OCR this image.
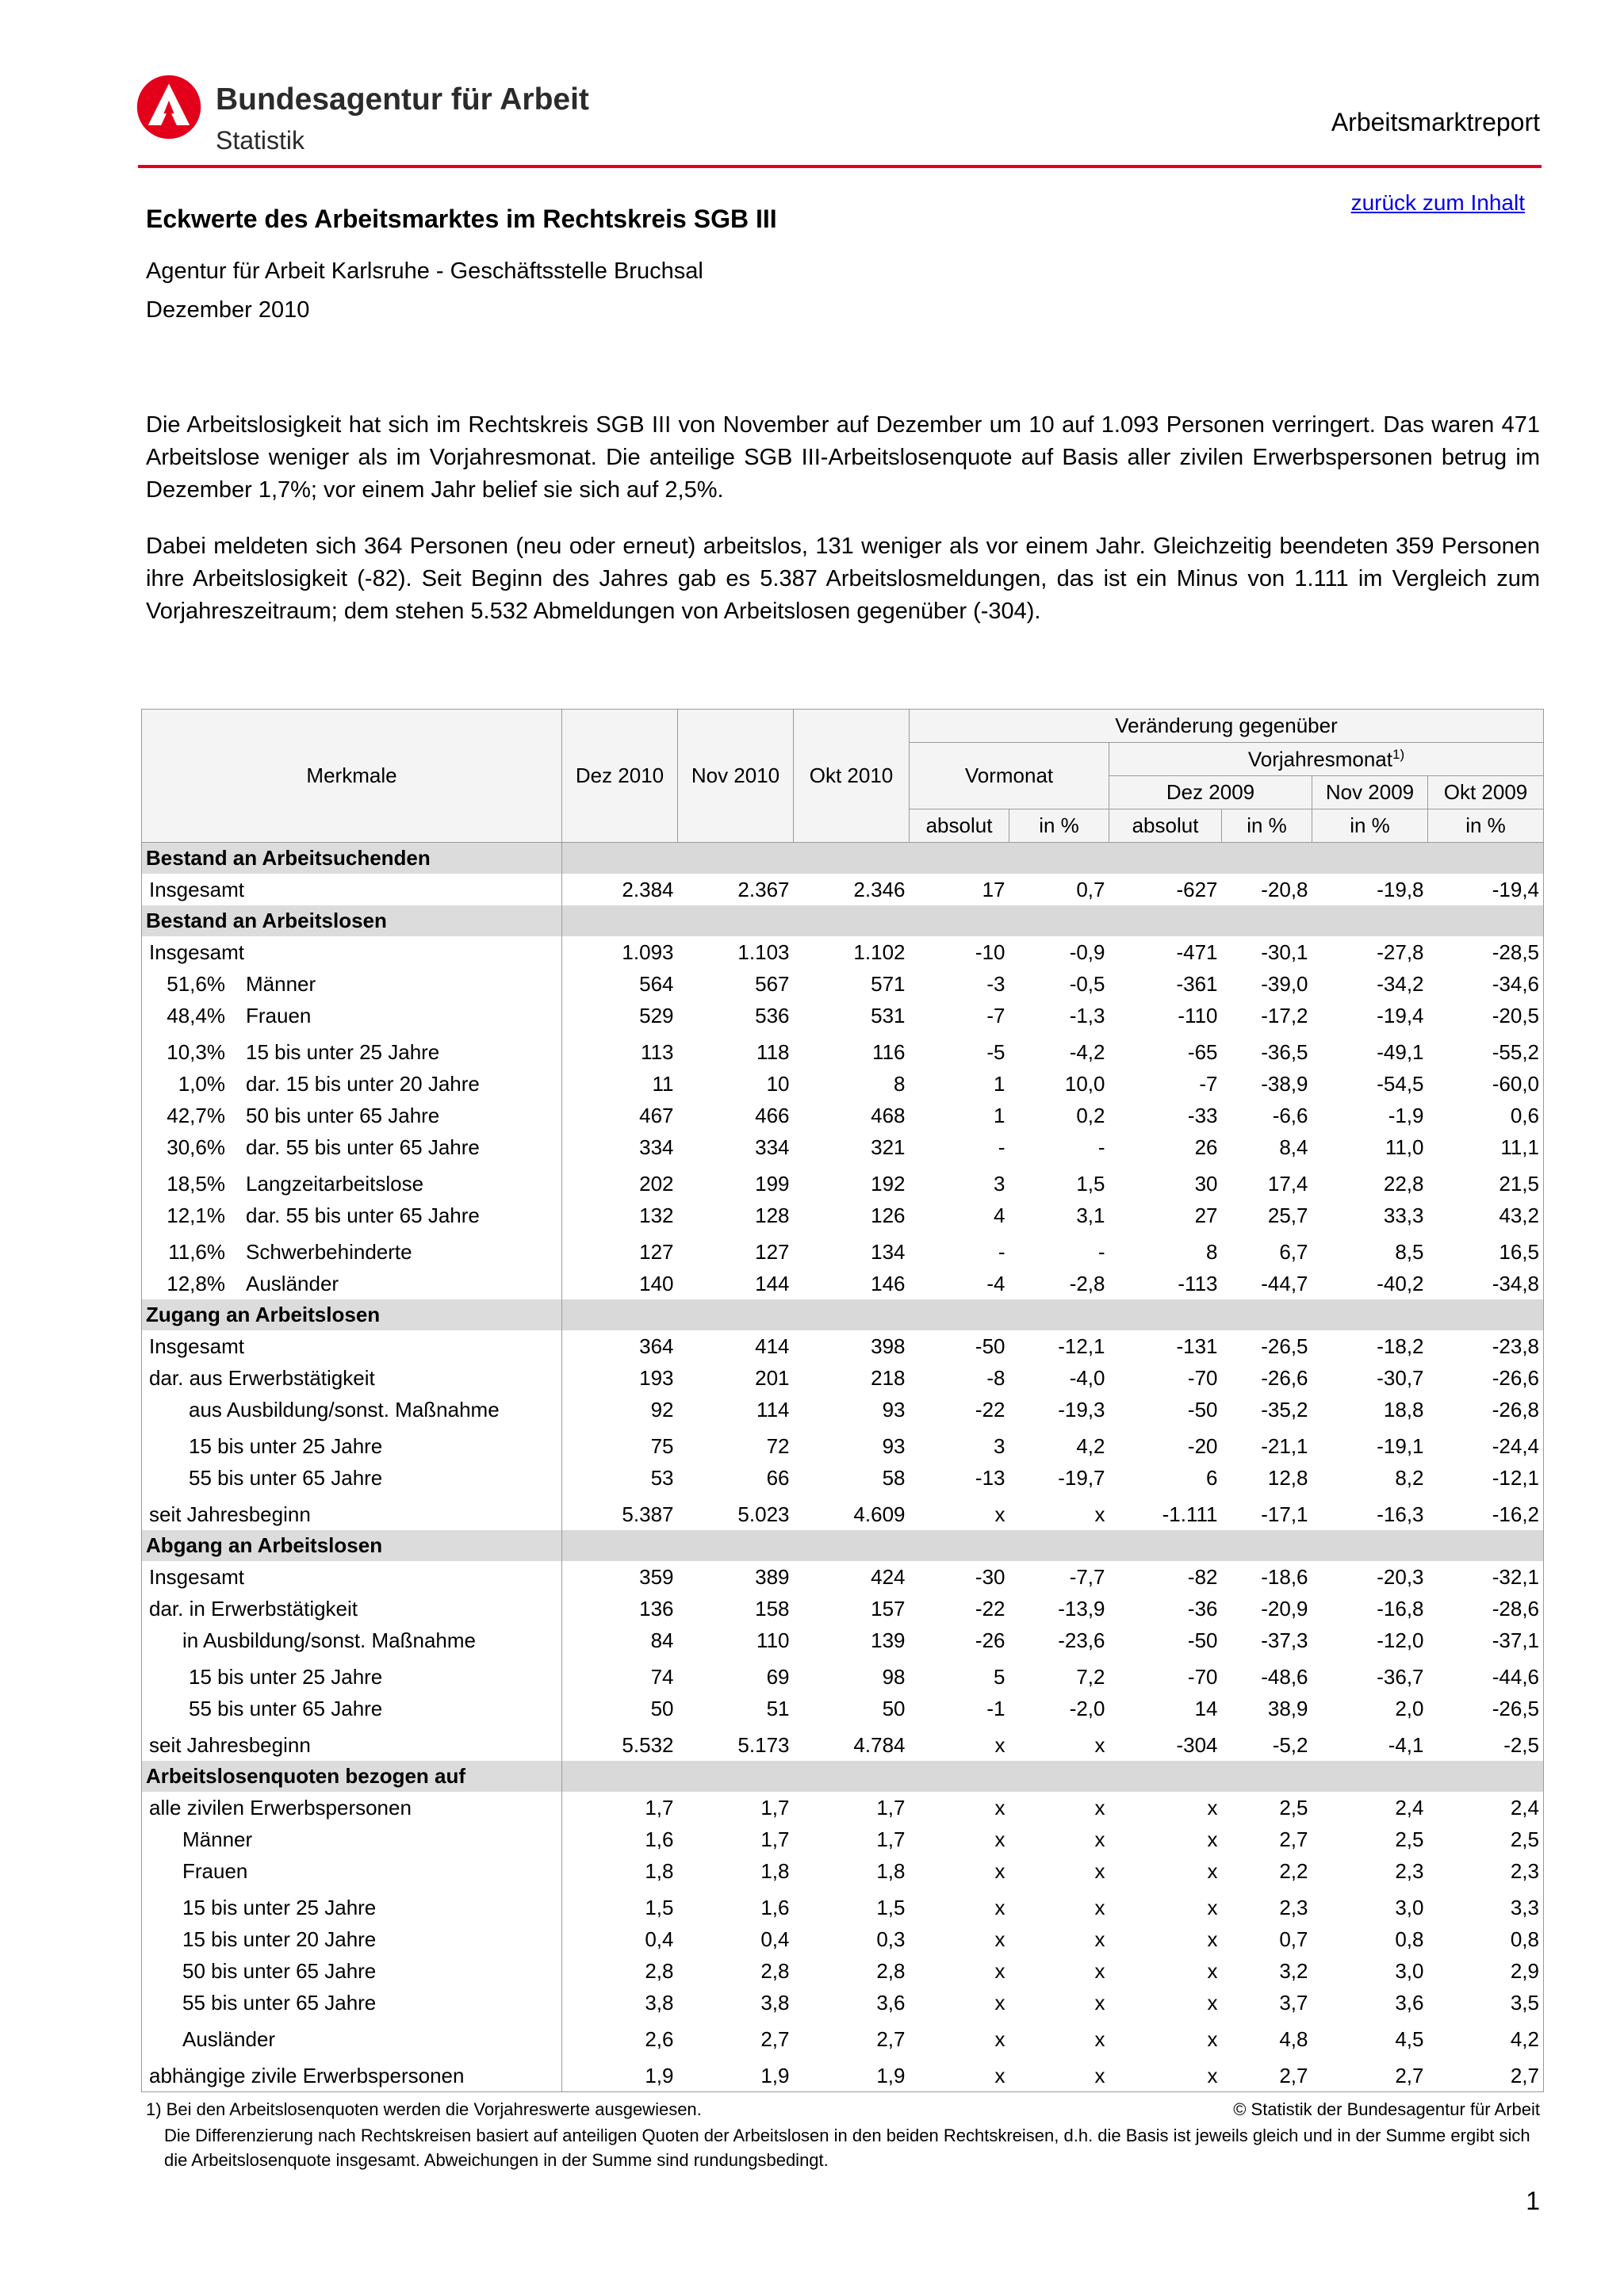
Bundesagentur für Arbeit
Statistik
Arbeitsmarktreport
zurück zum Inhalt
Eckwerte des Arbeitsmarktes im Rechtskreis SGB III
Agentur für Arbeit Karlsruhe - Geschäftsstelle Bruchsal
Dezember 2010
Die Arbeitslosigkeit hat sich im Rechtskreis SGB III von November auf Dezember um 10 auf 1.093 Personen verringert. Das waren 471 Arbeitslose weniger als im Vorjahresmonat. Die anteilige SGB III-Arbeitslosenquote auf Basis aller zivilen Erwerbspersonen betrug im Dezember 1,7%; vor einem Jahr belief sie sich auf 2,5%.
Dabei meldeten sich 364 Personen (neu oder erneut) arbeitslos, 131 weniger als vor einem Jahr. Gleichzeitig beendeten 359 Personen ihre Arbeitslosigkeit (-82). Seit Beginn des Jahres gab es 5.387 Arbeitslosmeldungen, das ist ein Minus von 1.111 im Vergleich zum Vorjahreszeitraum; dem stehen 5.532 Abmeldungen von Arbeitslosen gegenüber (-304).
Merkmale	Dez 2010	Nov 2010	Okt 2010	Veränderung gegenüber					
				Vormonat		Vorjahresmonat$^{1)}$
						Dez 2009		Nov 2009	Okt 2009
				absolut	in %	absolut	in %	in %	in %
Bestand an Arbeitsuchenden									
Insgesamt	2.384	2.367	2.346	17	0,7	-627	-20,8	-19,8	-19,4
Bestand an Arbeitslosen									
Insgesamt	1.093	1.103	1.102	-10	-0,9	-471	-30,1	-27,8	-28,5
51,6% Männer	564	567	571	-3	-0,5	-361	-39,0	-34,2	-34,6
48,4% Frauen	529	536	531	-7	-1,3	-110	-17,2	-19,4	-20,5
10,3% 15 bis unter 25 Jahre	113	118	116	-5	-4,2	-65	-36,5	-49,1	-55,2
1,0% dar. 15 bis unter 20 Jahre	11	10	8	1	10,0	-7	-38,9	-54,5	-60,0
42,7% 50 bis unter 65 Jahre	467	466	468	1	0,2	-33	-6,6	-1,9	0,6
30,6% dar. 55 bis unter 65 Jahre	334	334	321	-	-	26	8,4	11,0	11,1
18,5% Langzeitarbeitslose	202	199	192	3	1,5	30	17,4	22,8	21,5
12,1% dar. 55 bis unter 65 Jahre	132	128	126	4	3,1	27	25,7	33,3	43,2
11,6% Schwerbehinderte	127	127	134	-	-	8	6,7	8,5	16,5
12,8% Ausländer	140	144	146	-4	-2,8	-113	-44,7	-40,2	-34,8
Zugang an Arbeitslosen									
Insgesamt	364	414	398	-50	-12,1	-131	-26,5	-18,2	-23,8
dar. aus Erwerbstätigkeit	193	201	218	-8	-4,0	-70	-26,6	-30,7	-26,6
aus Ausbildung/sonst. Maßnahme	92	114	93	-22	-19,3	-50	-35,2	18,8	-26,8
15 bis unter 25 Jahre	75	72	93	3	4,2	-20	-21,1	-19,1	-24,4
55 bis unter 65 Jahre	53	66	58	-13	-19,7	6	12,8	8,2	-12,1
seit Jahresbeginn	5.387	5.023	4.609	x	x	-1.111	-17,1	-16,3	-16,2
Abgang an Arbeitslosen									
Insgesamt	359	389	424	-30	-7,7	-82	-18,6	-20,3	-32,1
dar. in Erwerbstätigkeit	136	158	157	-22	-13,9	-36	-20,9	-16,8	-28,6
in Ausbildung/sonst. Maßnahme	84	110	139	-26	-23,6	-50	-37,3	-12,0	-37,1
15 bis unter 25 Jahre	74	69	98	5	7,2	-70	-48,6	-36,7	-44,6
55 bis unter 65 Jahre	50	51	50	-1	-2,0	14	38,9	2,0	-26,5
seit Jahresbeginn	5.532	5.173	4.784	x	x	-304	-5,2	-4,1	-2,5
Arbeitslosenquoten bezogen auf									
alle zivilen Erwerbspersonen	1,7	1,7	1,7	x	x	x	2,5	2,4	2,4
Männer	1,6	1,7	1,7	x	x	x	2,7	2,5	2,5
Frauen	1,8	1,8	1,8	x	x	x	2,2	2,3	2,3
15 bis unter 25 Jahre	1,5	1,6	1,5	x	x	x	2,3	3,0	3,3
15 bis unter 20 Jahre	0,4	0,4	0,3	x	x	x	0,7	0,8	0,8
50 bis unter 65 Jahre	2,8	2,8	2,8	x	x	x	3,2	3,0	2,9
55 bis unter 65 Jahre	3,8	3,8	3,6	x	x	x	3,7	3,6	3,5
Ausländer	2,6	2,7	2,7	x	x	x	4,8	4,5	4,2
abhängige zivile Erwerbspersonen	1,9	1,9	1,9	x	x	x	2,7	2,7	2,7
1) Bei den Arbeitslosenquoten werden die Vorjahreswerte ausgewiesen.	© Statistik der Bundesagentur für Arbeit
Die Differenzierung nach Rechtskreisen basiert auf anteiligen Quoten der Arbeitslosen in den beiden Rechtskreisen, d.h. die Basis ist jeweils gleich und in der Summe ergibt sich die Arbeitslosenquote insgesamt. Abweichungen in der Summe sind rundungsbedingt.
1
